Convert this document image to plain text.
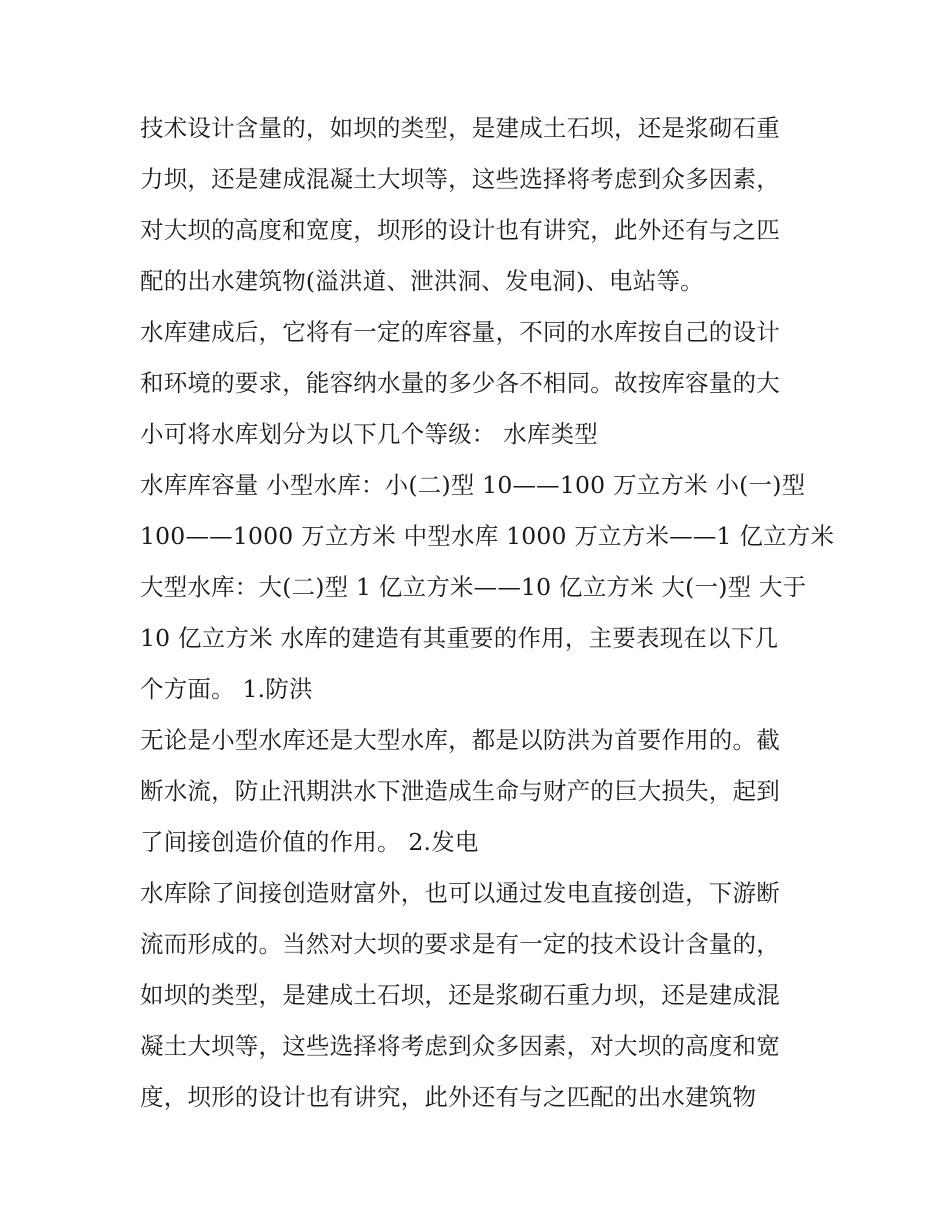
技术设计含量的，如坝的类型，是建成土石坝，还是浆砌石重
力坝，还是建成混凝土大坝等，这些选择将考虑到众多因素，
对大坝的高度和宽度，坝形的设计也有讲究，此外还有与之匹
配的出水建筑物(溢洪道、泄洪洞、发电洞)、电站等。
水库建成后，它将有一定的库容量，不同的水库按自己的设计
和环境的要求，能容纳水量的多少各不相同。故按库容量的大
小可将水库划分为以下几个等级： 水库类型
水库库容量 小型水库：小(二)型 10——100 万立方米 小(一)型
100——1000 万立方米 中型水库 1000 万立方米——1 亿立方米
大型水库：大(二)型 1 亿立方米——10 亿立方米 大(一)型 大于
10 亿立方米 水库的建造有其重要的作用，主要表现在以下几
个方面。 1.防洪
无论是小型水库还是大型水库，都是以防洪为首要作用的。截
断水流，防止汛期洪水下泄造成生命与财产的巨大损失，起到
了间接创造价值的作用。 2.发电
水库除了间接创造财富外，也可以通过发电直接创造，下游断
流而形成的。当然对大坝的要求是有一定的技术设计含量的，
如坝的类型，是建成土石坝，还是浆砌石重力坝，还是建成混
凝土大坝等，这些选择将考虑到众多因素，对大坝的高度和宽
度，坝形的设计也有讲究，此外还有与之匹配的出水建筑物
